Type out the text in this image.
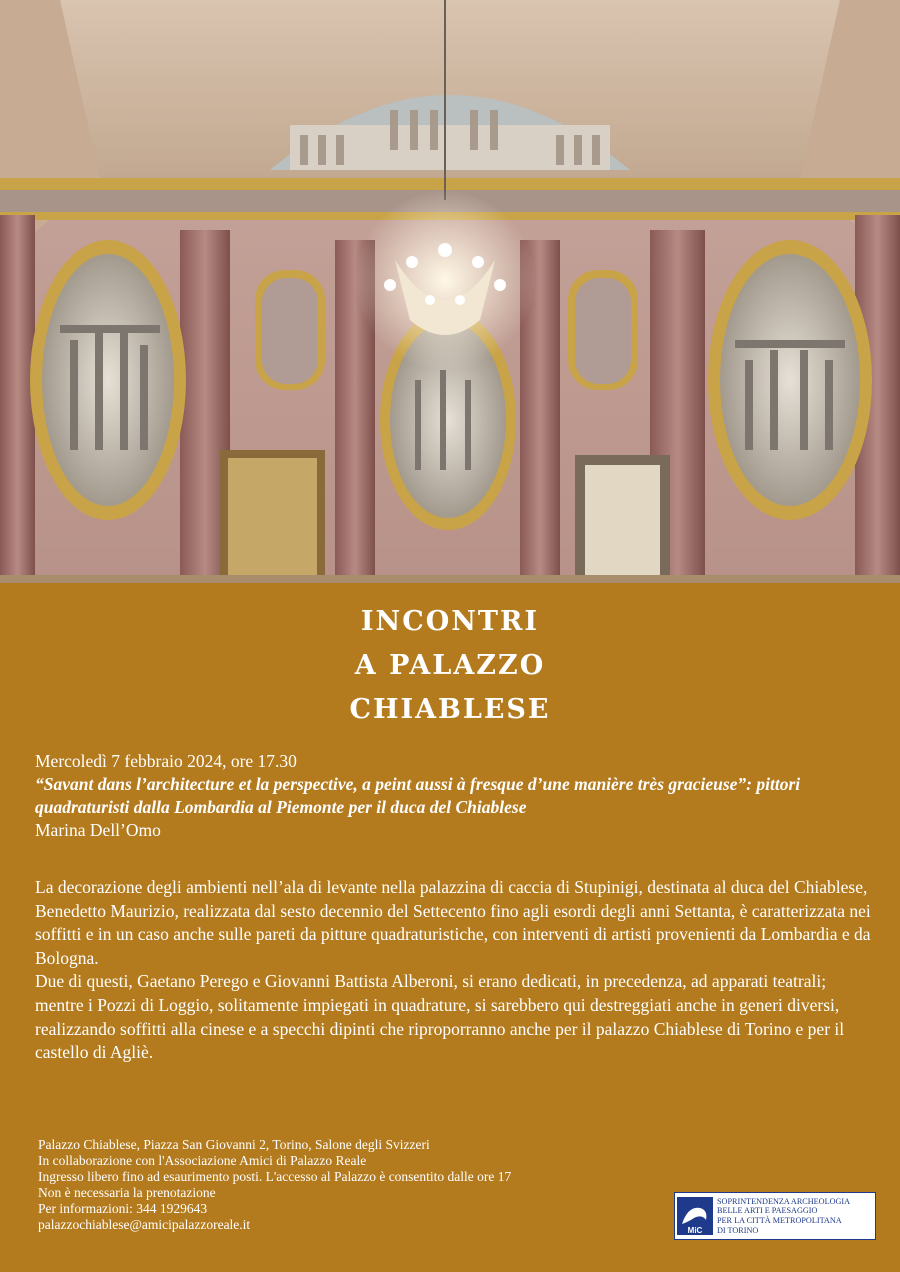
INCONTRI
A PALAZZO
CHIABLESE
Mercoledì 7 febbraio 2024, ore 17.30
“Savant dans l’architecture et la perspective, a peint aussi à fresque d’une manière très gracieuse”: pittori quadraturisti dalla Lombardia al Piemonte per il duca del Chiablese
Marina Dell’Omo

La decorazione degli ambienti nell’ala di levante nella palazzina di caccia di Stupinigi, destinata al duca del Chiablese, Benedetto Maurizio, realizzata dal sesto decennio del Settecento fino agli esordi degli anni Settanta, è caratterizzata nei soffitti e in un caso anche sulle pareti da pitture quadraturistiche, con interventi di artisti provenienti da Lombardia e da Bologna.

Due di questi, Gaetano Perego e Giovanni Battista Alberoni, si erano dedicati, in precedenza, ad apparati teatrali; mentre i Pozzi di Loggio, solitamente impiegati in quadrature, si sarebbero qui destreggiati anche in generi diversi, realizzando soffitti alla cinese e a specchi dipinti che riproporranno anche per il palazzo Chiablese di Torino e per il castello di Agliè.

Palazzo Chiablese, Piazza San Giovanni 2, Torino, Salone degli Svizzeri
In collaborazione con l'Associazione Amici di Palazzo Reale
Ingresso libero fino ad esaurimento posti. L'accesso al Palazzo è consentito dalle ore 17
Non è necessaria la prenotazione
Per informazioni: 344 1929643
palazzochiablese@amicipalazzoreale.it	MiC
SOPRINTENDENZA ARCHEOLOGIA
BELLE ARTI E PAESAGGIO
PER LA CITTÀ METROPOLITANA
DI TORINO
